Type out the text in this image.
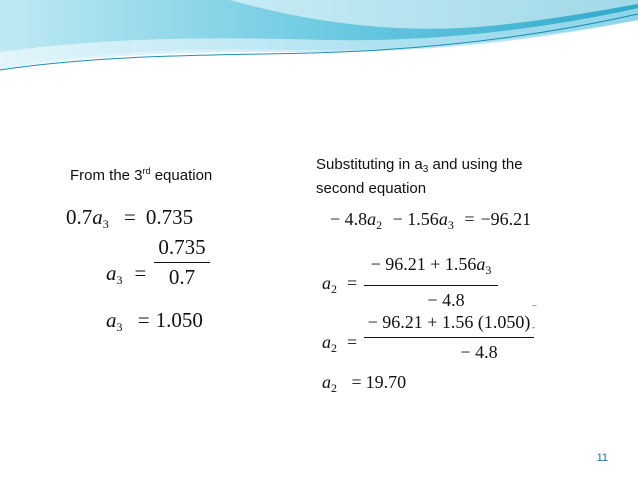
From the 3rd equation
$0.7a_3 = 0.735$
$a_3$ =
0.735
0.7
$a_3 = 1.050$
Substituting in $a_3$ and using the
second equation
− $4.8a_2 - 1.56a_3 = -96.21$
$a_2$ =
− $96.21 + 1.56a_3$
− 4.8
$a_2$ =
− 96.21 + 1.56 (1.050)
− 4.8
–
-
$a_2 = 19.70$
11
